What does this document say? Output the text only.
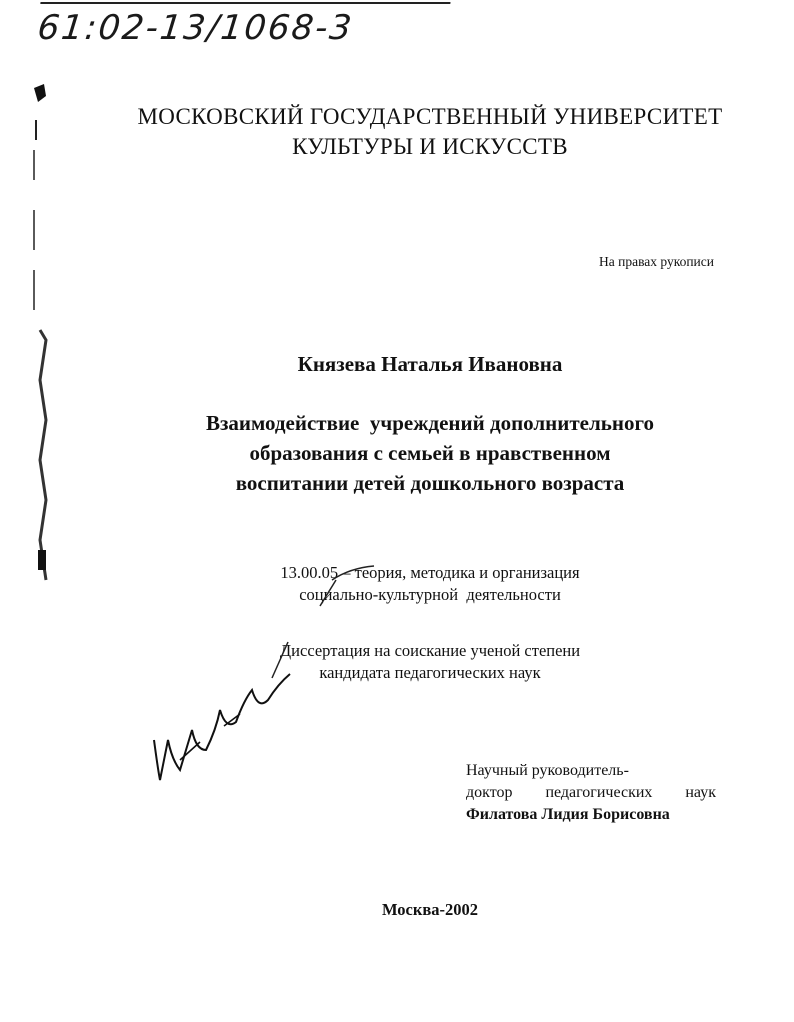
61:02-13/1068-3
МОСКОВСКИЙ ГОСУДАРСТВЕННЫЙ УНИВЕРСИТЕТ
КУЛЬТУРЫ И ИСКУССТВ
На правах рукописи
Князева Наталья Ивановна
Взаимодействие  учреждений дополнительного
образования с семьей в нравственном
воспитании детей дошкольного возраста
13.00.05 – теория, методика и организация
социально-культурной  деятельности
Диссертация на соискание ученой степени
кандидата педагогических наук
Научный руководитель-
доктор педагогических наук
Филатова Лидия Борисовна
Москва-2002
